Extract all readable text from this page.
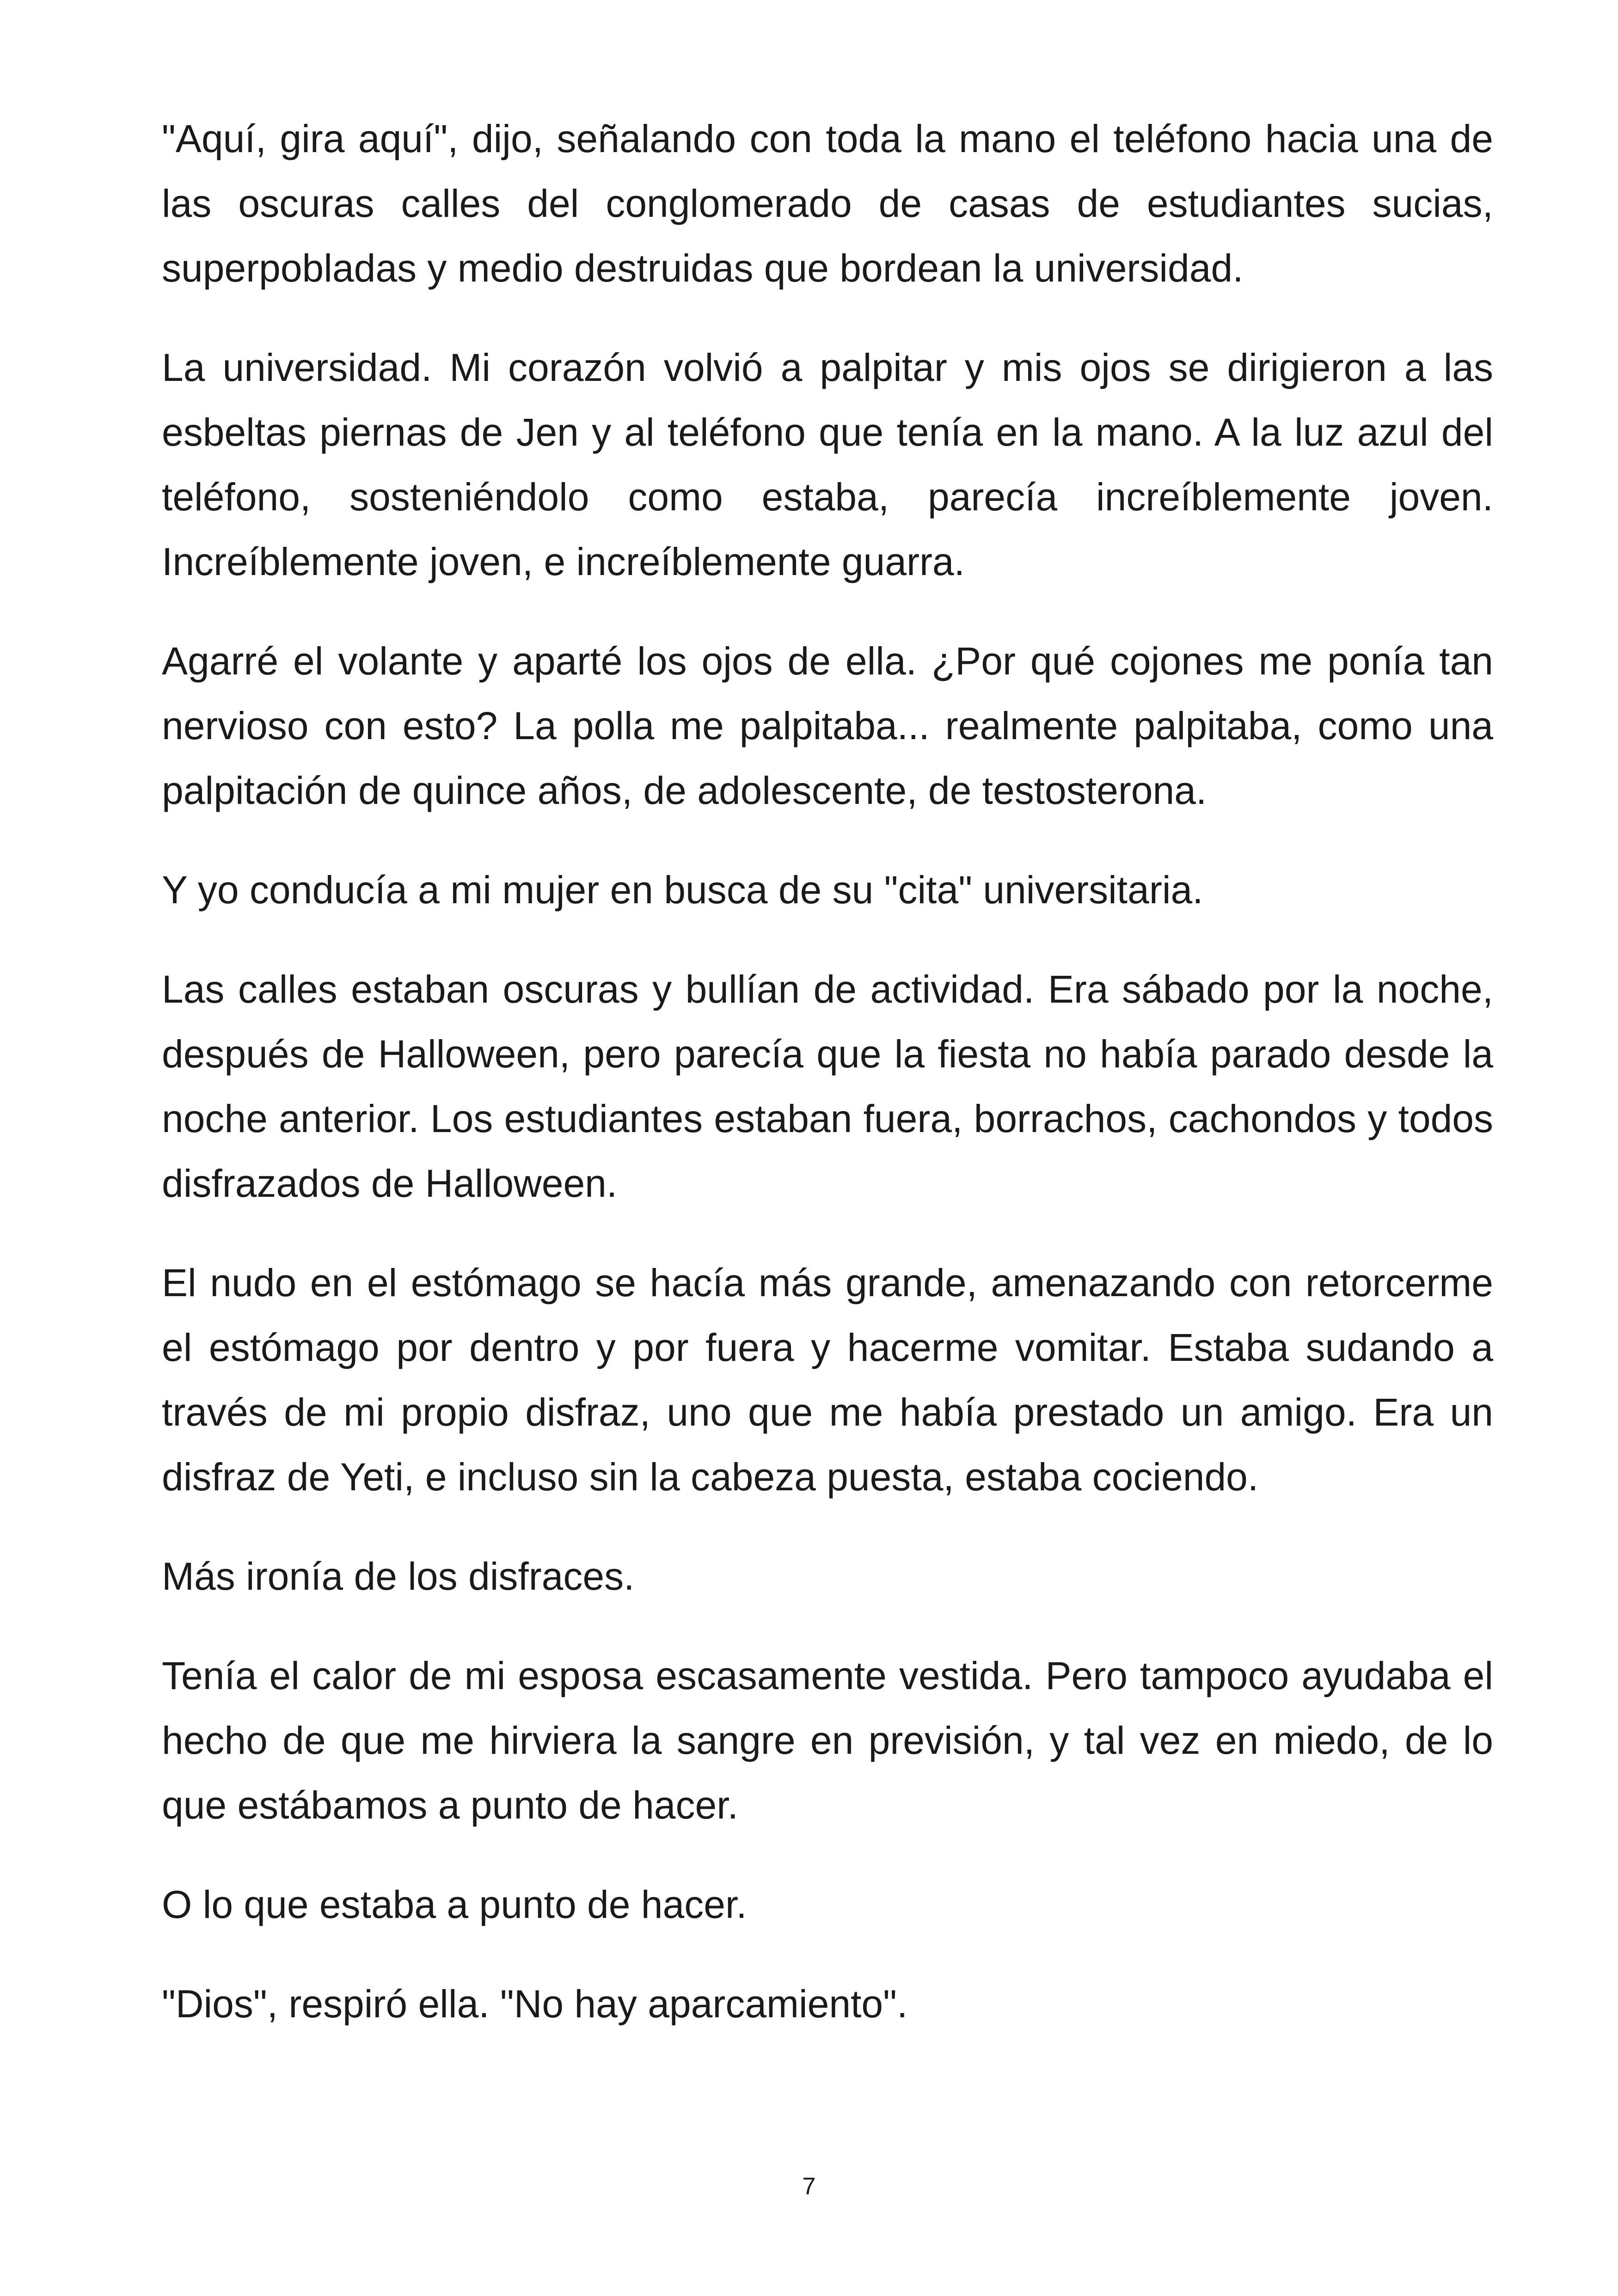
"Aquí, gira aquí", dijo, señalando con toda la mano el teléfono hacia una de las oscuras calles del conglomerado de casas de estudiantes sucias, superpobladas y medio destruidas que bordean la universidad.

La universidad. Mi corazón volvió a palpitar y mis ojos se dirigieron a las esbeltas piernas de Jen y al teléfono que tenía en la mano. A la luz azul del teléfono, sosteniéndolo como estaba, parecía increíblemente joven. Increíblemente joven, e increíblemente guarra.

Agarré el volante y aparté los ojos de ella. ¿Por qué cojones me ponía tan nervioso con esto? La polla me palpitaba... realmente palpitaba, como una palpitación de quince años, de adolescente, de testosterona.

Y yo conducía a mi mujer en busca de su "cita" universitaria.

Las calles estaban oscuras y bullían de actividad. Era sábado por la noche, después de Halloween, pero parecía que la fiesta no había parado desde la noche anterior. Los estudiantes estaban fuera, borrachos, cachondos y todos disfrazados de Halloween.

El nudo en el estómago se hacía más grande, amenazando con retorcerme el estómago por dentro y por fuera y hacerme vomitar. Estaba sudando a través de mi propio disfraz, uno que me había prestado un amigo. Era un disfraz de Yeti, e incluso sin la cabeza puesta, estaba cociendo.

Más ironía de los disfraces.

Tenía el calor de mi esposa escasamente vestida. Pero tampoco ayudaba el hecho de que me hirviera la sangre en previsión, y tal vez en miedo, de lo que estábamos a punto de hacer.

O lo que estaba a punto de hacer.

"Dios", respiró ella. "No hay aparcamiento".

7
